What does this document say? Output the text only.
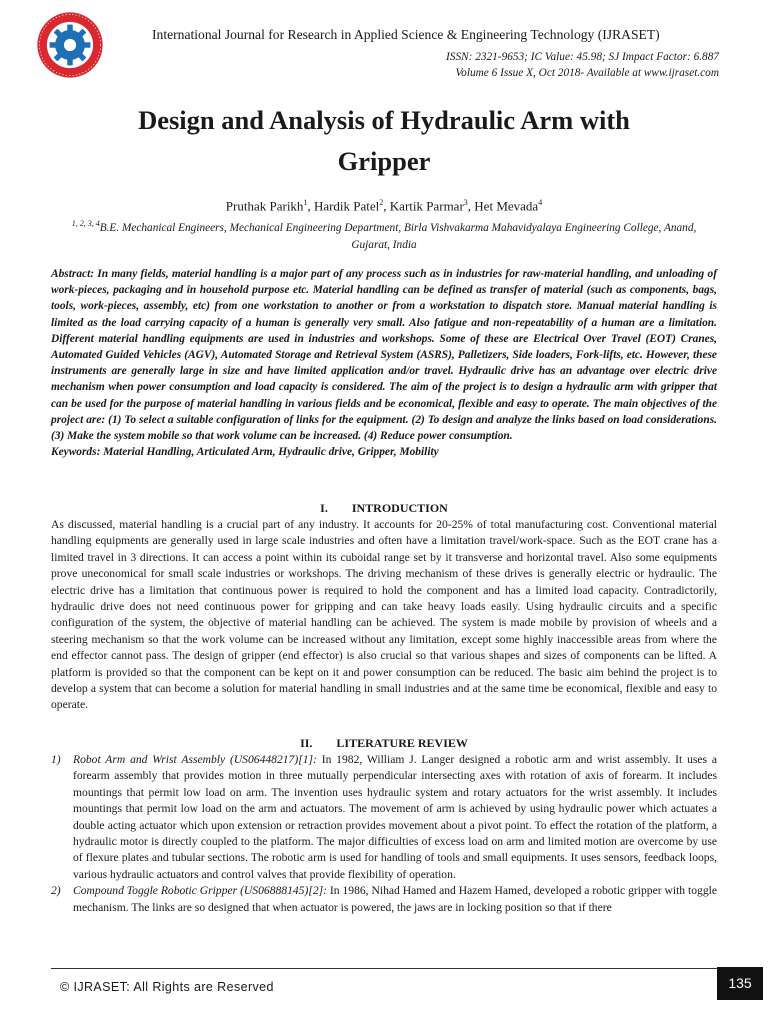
International Journal for Research in Applied Science & Engineering Technology (IJRASET)
ISSN: 2321-9653; IC Value: 45.98; SJ Impact Factor: 6.887
Volume 6 Issue X, Oct 2018- Available at www.ijraset.com
Design and Analysis of Hydraulic Arm with
Gripper
Pruthak Parikh$^1$, Hardik Patel$^2$, Kartik Parmar$^3$, Het Mevada$^4$
$^{1, 2, 3, 4}$B.E. Mechanical Engineers, Mechanical Engineering Department, Birla Vishvakarma Mahavidyalaya Engineering College, Anand, Gujarat, India

Abstract: In many fields, material handling is a major part of any process such as in industries for raw-material handling, and unloading of work-pieces, packaging and in household purpose etc. Material handling can be defined as transfer of material (such as components, bags, tools, work-pieces, assembly, etc) from one workstation to another or from a workstation to dispatch store. Manual material handling is limited as the load carrying capacity of a human is generally very small. Also fatigue and non-repeatability of a human are a limitation. Different material handling equipments are used in industries and workshops. Some of these are Electrical Over Travel (EOT) Cranes, Automated Guided Vehicles (AGV), Automated Storage and Retrieval System (ASRS), Palletizers, Side loaders, Fork-lifts, etc. However, these instruments are generally large in size and have limited application and/or travel. Hydraulic drive has an advantage over electric drive mechanism when power consumption and load capacity is considered. The aim of the project is to design a hydraulic arm with gripper that can be used for the purpose of material handling in various fields and be economical, flexible and easy to operate. The main objectives of the project are: (1) To select a suitable configuration of links for the equipment. (2) To design and analyze the links based on load considerations. (3) Make the system mobile so that work volume can be increased. (4) Reduce power consumption.

Keywords: Material Handling, Articulated Arm, Hydraulic drive, Gripper, Mobility

I. INTRODUCTION

As discussed, material handling is a crucial part of any industry. It accounts for 20-25% of total manufacturing cost. Conventional material handling equipments are generally used in large scale industries and often have a limitation travel/work-space. Such as the EOT crane has a limited travel in 3 directions. It can access a point within its cuboidal range set by it transverse and horizontal travel. Also some equipments prove uneconomical for small scale industries or workshops. The driving mechanism of these drives is generally electric or hydraulic. The electric drive has a limitation that continuous power is required to hold the component and has a limited load capacity. Contradictorily, hydraulic drive does not need continuous power for gripping and can take heavy loads easily. Using hydraulic circuits and a specific configuration of the system, the objective of material handling can be achieved. The system is made mobile by provision of wheels and a steering mechanism so that the work volume can be increased without any limitation, except some highly inaccessible areas from where the end effector cannot pass. The design of gripper (end effector) is also crucial so that various shapes and sizes of components can be lifted. A platform is provided so that the component can be kept on it and power consumption can be reduced. The basic aim behind the project is to develop a system that can become a solution for material handling in small industries and at the same time be economical, flexible and easy to operate.

II. LITERATURE REVIEW
1) Robot Arm and Wrist Assembly (US06448217)[1]: In 1982, William J. Langer designed a robotic arm and wrist assembly. It uses a forearm assembly that provides motion in three mutually perpendicular intersecting axes with rotation of axis of forearm. It includes mountings that permit low load on arm. The invention uses hydraulic system and rotary actuators for the wrist assembly. It includes mountings that permit low load on the arm and actuators. The movement of arm is achieved by using hydraulic power which actuates a double acting actuator which upon extension or retraction provides movement about a pivot point. To effect the rotation of the platform, a hydraulic motor is directly coupled to the platform. The major difficulties of excess load on arm and limited motion are overcome by use of flexure plates and tubular sections. The robotic arm is used for handling of tools and small equipments. It uses sensors, feedback loops, various hydraulic actuators and control valves that provide flexibility of operation.
2) Compound Toggle Robotic Gripper (US06888145)[2]: In 1986, Nihad Hamed and Hazem Hamed, developed a robotic gripper with toggle mechanism. The links are so designed that when actuator is powered, the jaws are in locking position so that if there
© IJRASET: All Rights are Reserved	135
